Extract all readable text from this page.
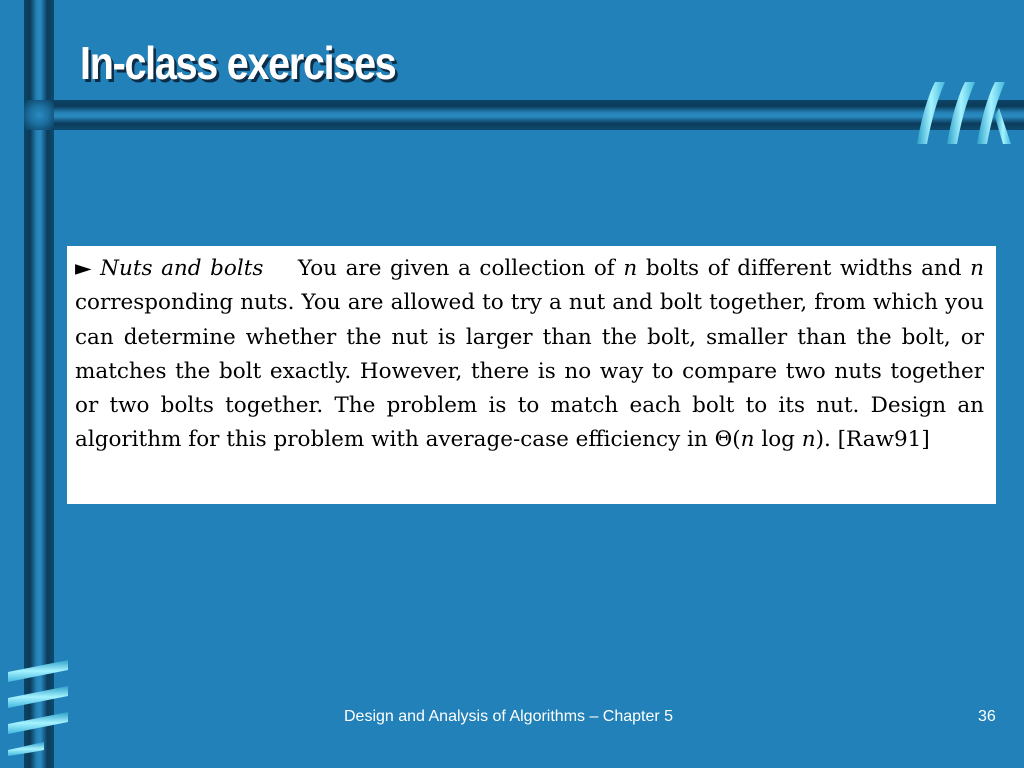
In-class exercises

► Nuts and bolts You are given a collection of n bolts of different widths and n corresponding nuts. You are allowed to try a nut and bolt together, from which you can determine whether the nut is larger than the bolt, smaller than the bolt, or matches the bolt exactly. However, there is no way to compare two nuts together or two bolts together. The problem is to match each bolt to its nut. Design an algorithm for this problem with average-case efficiency in Θ(n log n). [Raw91]

Design and Analysis of Algorithms – Chapter 5	36
